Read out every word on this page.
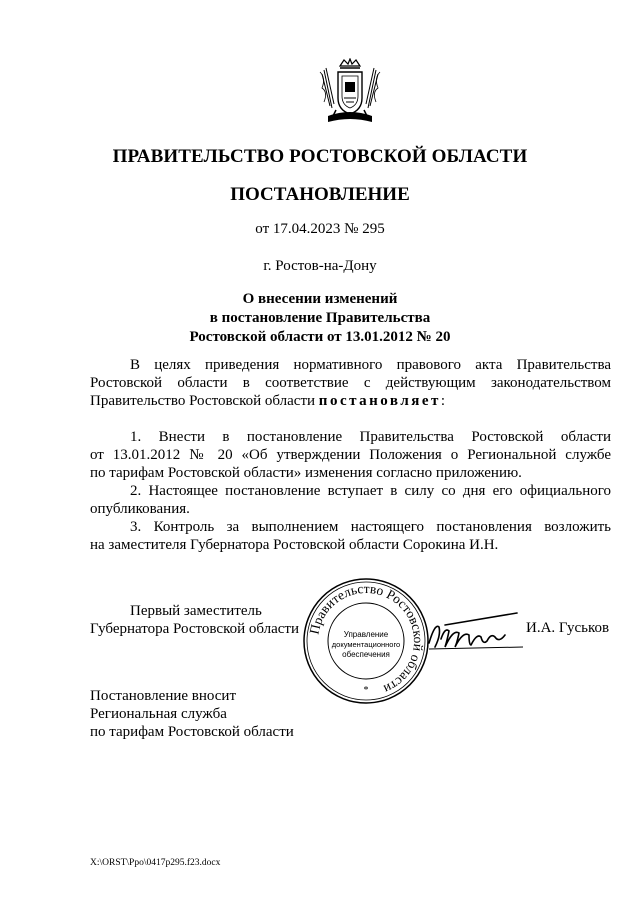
ПРАВИТЕЛЬСТВО РОСТОВСКОЙ ОБЛАСТИ
ПОСТАНОВЛЕНИЕ
от 17.04.2023 № 295
г. Ростов-на-Дону
О внесении изменений
в постановление Правительства
Ростовской области от 13.01.2012 № 20
В целях приведения нормативного правового акта Правительства
Ростовской области в соответствие с действующим законодательством
Правительство Ростовской области постановляет:
1. Внести в постановление Правительства Ростовской области
от 13.01.2012 № 20 «Об утверждении Положения о Региональной службе
по тарифам Ростовской области» изменения согласно приложению.
2. Настоящее постановление вступает в силу со дня его официального
опубликования.
3. Контроль за выполнением настоящего постановления возложить
на заместителя Губернатора Ростовской области Сорокина И.Н.
Первый заместитель
Губернатора Ростовской области Правительство Ростовской области
Управление
документационного
обеспечения
*
И.А. Гуськов
Постановление вносит
Региональная служба
по тарифам Ростовской области
X:\ORST\Ppo\0417p295.f23.docx
